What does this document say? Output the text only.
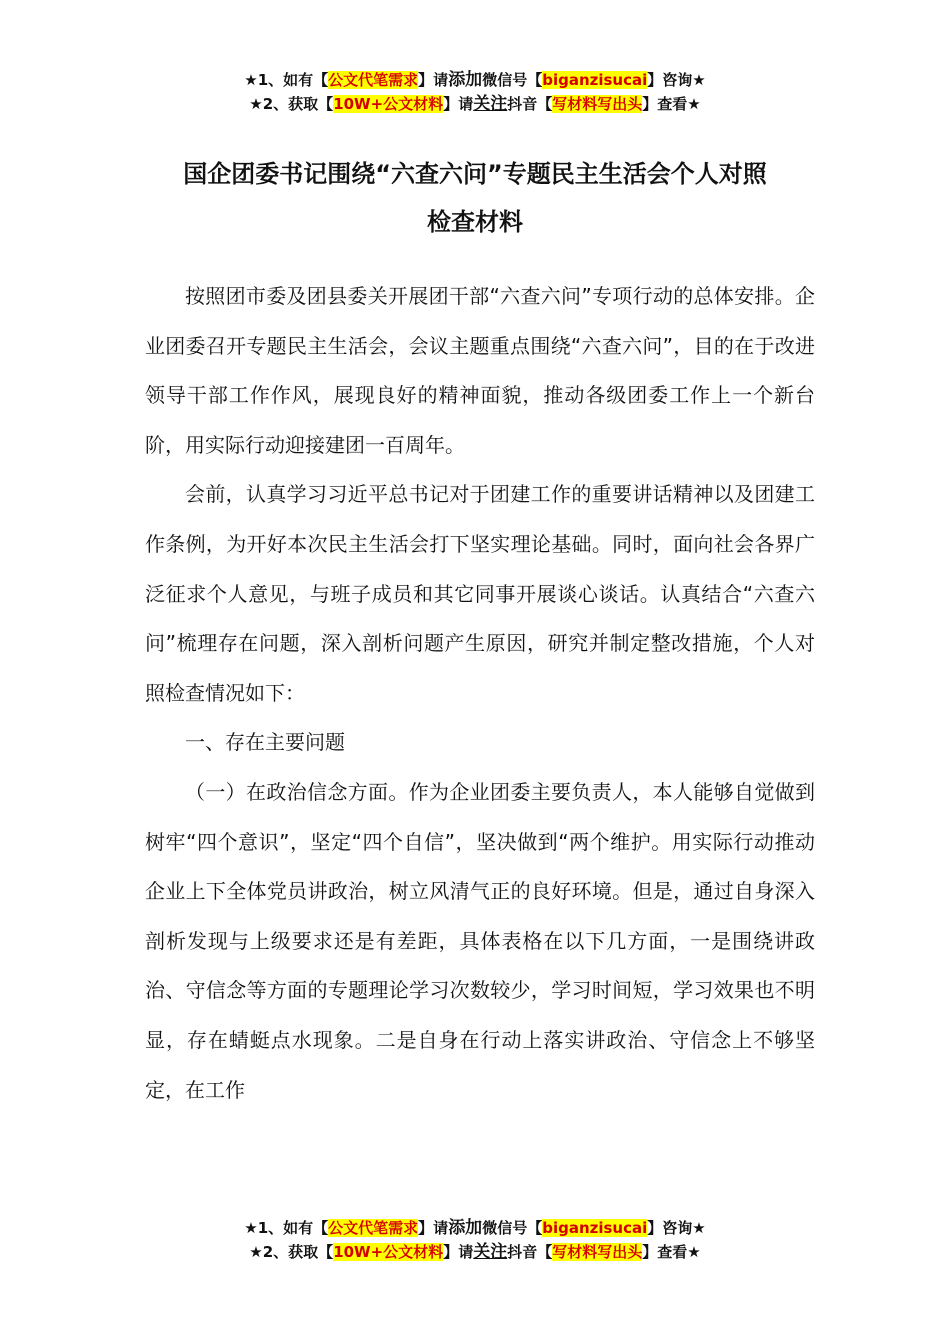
★1、如有【公文代笔需求】请添加微信号【biganzisucai】咨询★
★2、获取【10W+公文材料】请关注抖音【写材料写出头】查看★
国企团委书记围绕“六查六问”专题民主生活会个人对照
检查材料

按照团市委及团县委关开展团干部“六查六问”专项行动的总体安排。企业团委召开专题民主生活会，会议主题重点围绕“六查六问”，目的在于改进领导干部工作作风，展现良好的精神面貌，推动各级团委工作上一个新台阶，用实际行动迎接建团一百周年。

会前，认真学习习近平总书记对于团建工作的重要讲话精神以及团建工作条例，为开好本次民主生活会打下坚实理论基础。同时，面向社会各界广泛征求个人意见，与班子成员和其它同事开展谈心谈话。认真结合“六查六问”梳理存在问题，深入剖析问题产生原因，研究并制定整改措施，个人对照检查情况如下：

一、存在主要问题

（一）在政治信念方面。作为企业团委主要负责人，本人能够自觉做到树牢“四个意识”，坚定“四个自信”，坚决做到“两个维护。用实际行动推动企业上下全体党员讲政治，树立风清气正的良好环境。但是，通过自身深入剖析发现与上级要求还是有差距，具体表格在以下几方面，一是围绕讲政治、守信念等方面的专题理论学习次数较少，学习时间短，学习效果也不明显，存在蜻蜓点水现象。二是自身在行动上落实讲政治、守信念上不够坚定，在工作

★1、如有【公文代笔需求】请添加微信号【biganzisucai】咨询★
★2、获取【10W+公文材料】请关注抖音【写材料写出头】查看★
